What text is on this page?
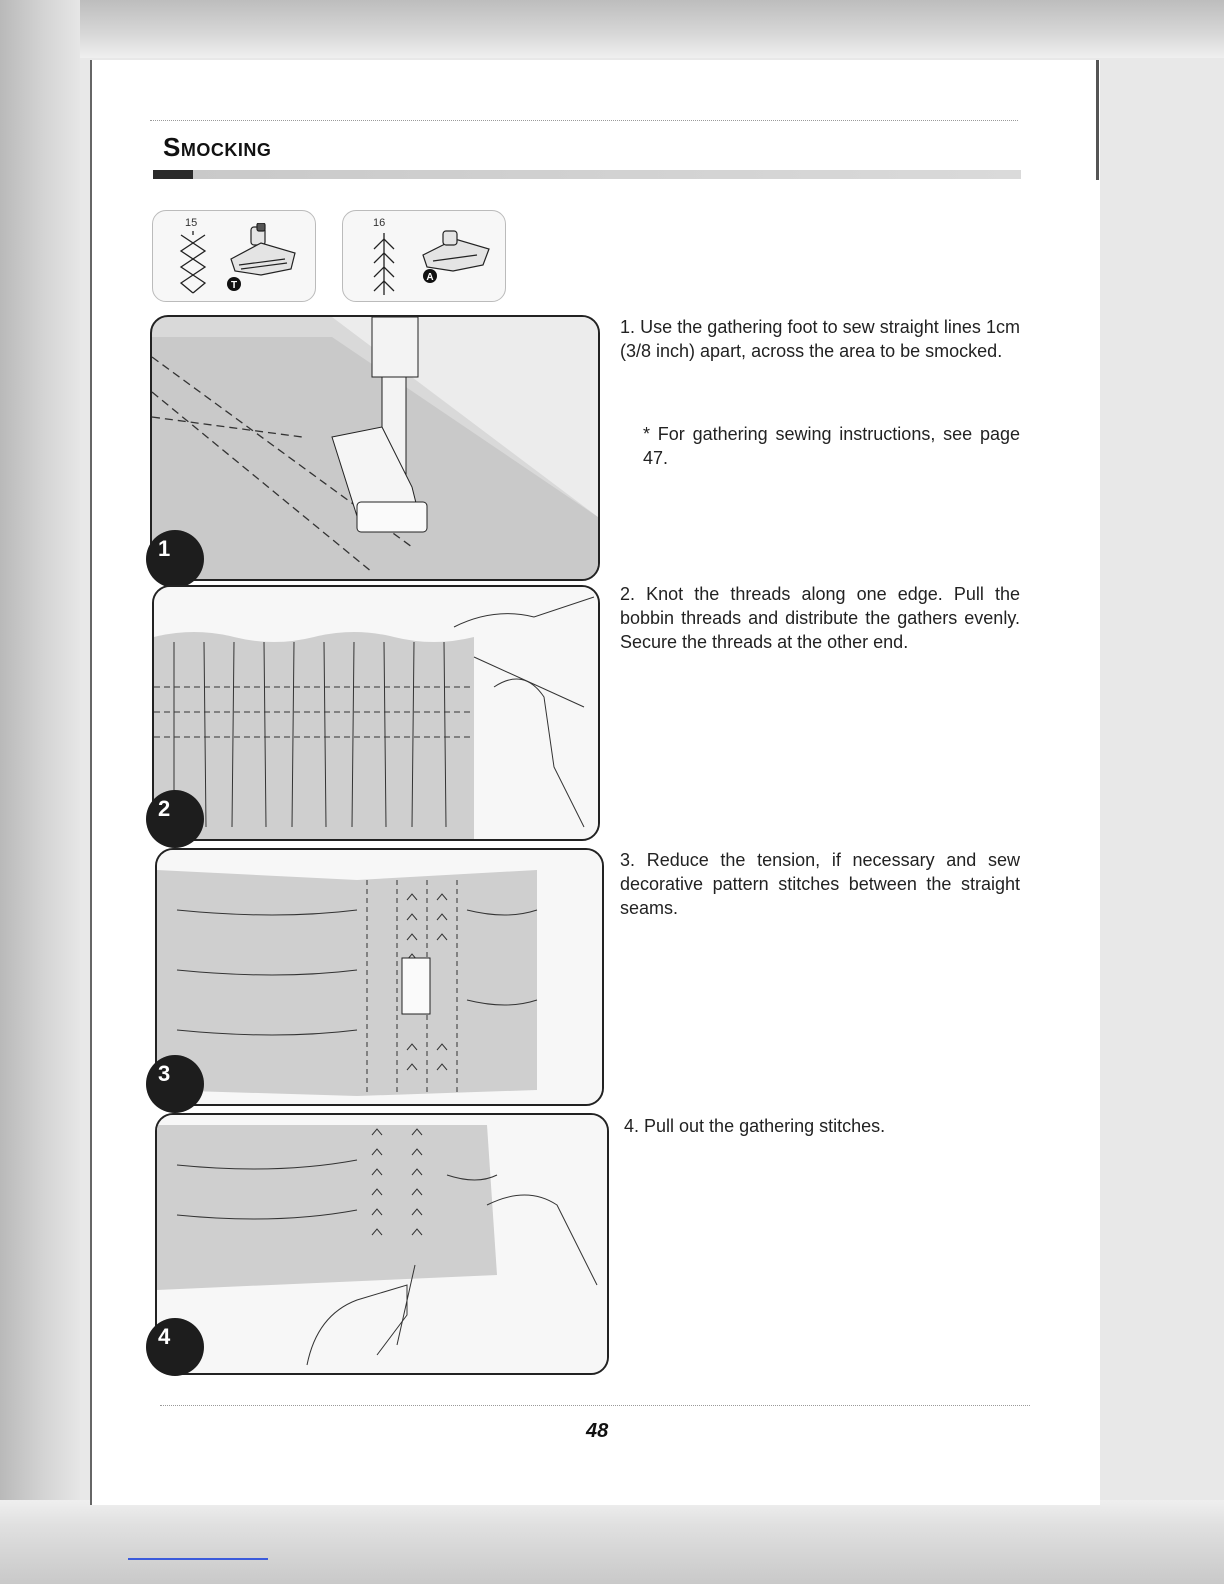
Smocking
15
T
16
A
1
2
3
4
1. Use the gathering foot to sew straight lines 1cm (3/8 inch) apart, across the area to be smocked.
* For gathering sewing instructions, see page 47.
2. Knot the threads along one edge. Pull the bobbin threads and distribute the gathers evenly. Secure the threads at the other end.
3. Reduce the tension, if necessary and sew decorative pattern stitches between the straight seams.
4. Pull out the gathering stitches.
48
